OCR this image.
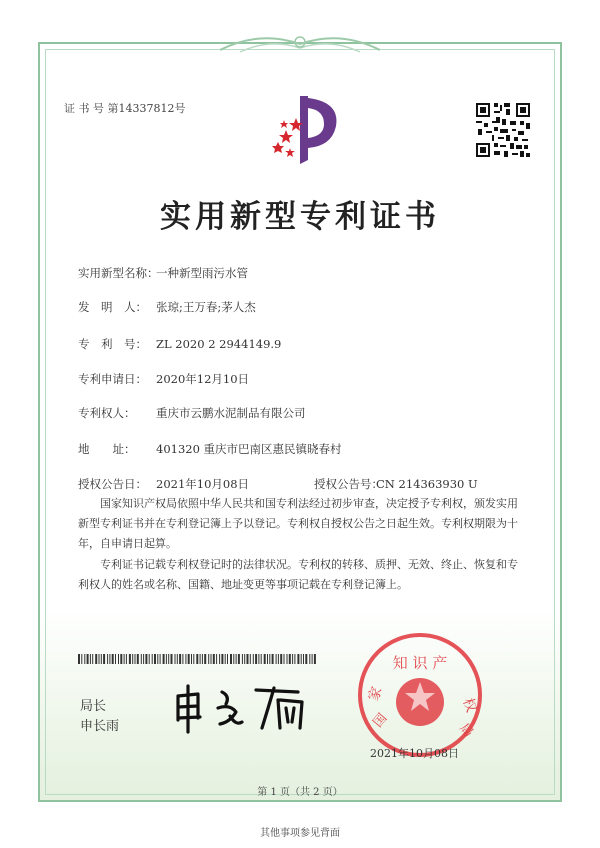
证 书 号 第14337812号
实用新型专利证书
实用新型名称：一种新型雨污水管
发　明　人： 张琼;王万春;茅人杰
专　利　号： ZL 2020 2 2944149.9
专利申请日： 2020年12月10日
专利权人： 重庆市云鹏水泥制品有限公司
地　　址： 401320 重庆市巴南区惠民镇晓春村
授权公告日： 2021年10月08日	授权公告号：CN 214363930 U
国家知识产权局依照中华人民共和国专利法经过初步审查，决定授予专利权，颁发实用新型专利证书并在专利登记簿上予以登记。专利权自授权公告之日起生效。专利权期限为十年，自申请日起算。
专利证书记载专利权登记时的法律状况。专利权的转移、质押、无效、终止、恢复和专利权人的姓名或名称、国籍、地址变更等事项记载在专利登记簿上。
局长
申长雨
知 识 产
家
权
国
局
2021年10月08日
第 1 页（共 2 页）
其他事项参见背面
